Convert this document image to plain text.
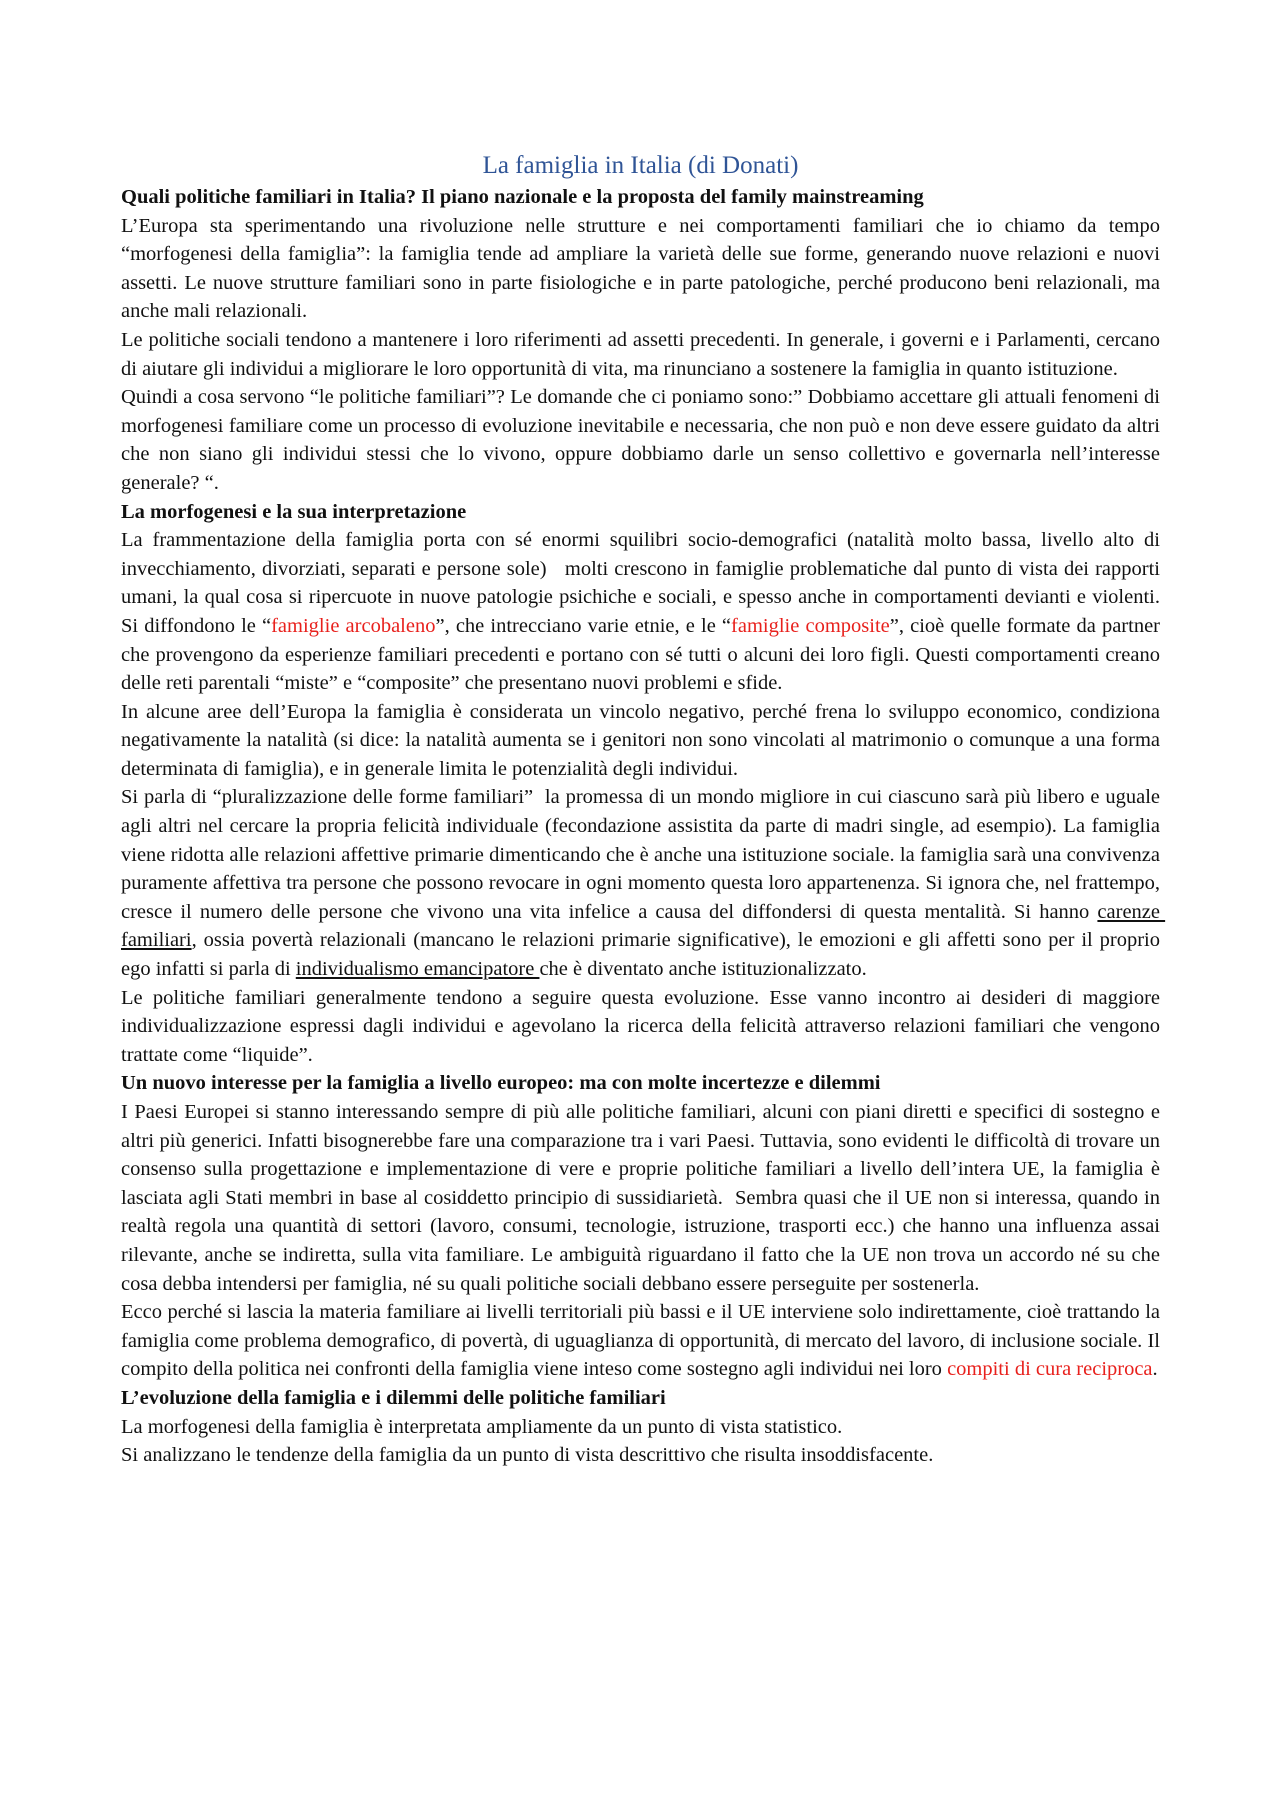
La famiglia in Italia (di Donati)

Quali politiche familiari in Italia? Il piano nazionale e la proposta del family mainstreaming

L’Europa sta sperimentando una rivoluzione nelle strutture e nei comportamenti familiari che io chiamo da tempo “morfogenesi della famiglia”: la famiglia tende ad ampliare la varietà delle sue forme, generando nuove relazioni e nuovi assetti. Le nuove strutture familiari sono in parte fisiologiche e in parte patologiche, perché producono beni relazionali, ma anche mali relazionali.

Le politiche sociali tendono a mantenere i loro riferimenti ad assetti precedenti. In generale, i governi e i Parlamenti, cercano di aiutare gli individui a migliorare le loro opportunità di vita, ma rinunciano a sostenere la famiglia in quanto istituzione.

Quindi a cosa servono “le politiche familiari”? Le domande che ci poniamo sono:” Dobbiamo accettare gli attuali fenomeni di morfogenesi familiare come un processo di evoluzione inevitabile e necessaria, che non può e non deve essere guidato da altri che non siano gli individui stessi che lo vivono, oppure dobbiamo darle un senso collettivo e governarla nell’interesse generale? “.

La morfogenesi e la sua interpretazione

La frammentazione della famiglia porta con sé enormi squilibri socio-demografici (natalità molto bassa, livello alto di invecchiamento, divorziati, separati e persone sole)   molti crescono in famiglie problematiche dal punto di vista dei rapporti umani, la qual cosa si ripercuote in nuove patologie psichiche e sociali, e spesso anche in comportamenti devianti e violenti. Si diffondono le “famiglie arcobaleno”, che intrecciano varie etnie, e le “famiglie composite”, cioè quelle formate da partner che provengono da esperienze familiari precedenti e portano con sé tutti o alcuni dei loro figli. Questi comportamenti creano delle reti parentali “miste” e “composite” che presentano nuovi problemi e sfide.

In alcune aree dell’Europa la famiglia è considerata un vincolo negativo, perché frena lo sviluppo economico, condiziona negativamente la natalità (si dice: la natalità aumenta se i genitori non sono vincolati al matrimonio o comunque a una forma determinata di famiglia), e in generale limita le potenzialità degli individui.

Si parla di “pluralizzazione delle forme familiari”  la promessa di un mondo migliore in cui ciascuno sarà più libero e uguale agli altri nel cercare la propria felicità individuale (fecondazione assistita da parte di madri single, ad esempio). La famiglia viene ridotta alle relazioni affettive primarie dimenticando che è anche una istituzione sociale. la famiglia sarà una convivenza puramente affettiva tra persone che possono revocare in ogni momento questa loro appartenenza. Si ignora che, nel frattempo, cresce il numero delle persone che vivono una vita infelice a causa del diffondersi di questa mentalità. Si hanno carenze familiari, ossia povertà relazionali (mancano le relazioni primarie significative), le emozioni e gli affetti sono per il proprio ego infatti si parla di individualismo emancipatore che è diventato anche istituzionalizzato.

Le politiche familiari generalmente tendono a seguire questa evoluzione. Esse vanno incontro ai desideri di maggiore individualizzazione espressi dagli individui e agevolano la ricerca della felicità attraverso relazioni familiari che vengono trattate come “liquide”.

Un nuovo interesse per la famiglia a livello europeo: ma con molte incertezze e dilemmi

I Paesi Europei si stanno interessando sempre di più alle politiche familiari, alcuni con piani diretti e specifici di sostegno e altri più generici. Infatti bisognerebbe fare una comparazione tra i vari Paesi. Tuttavia, sono evidenti le difficoltà di trovare un consenso sulla progettazione e implementazione di vere e proprie politiche familiari a livello dell’intera UE, la famiglia è lasciata agli Stati membri in base al cosiddetto principio di sussidiarietà.  Sembra quasi che il UE non si interessa, quando in realtà regola una quantità di settori (lavoro, consumi, tecnologie, istruzione, trasporti ecc.) che hanno una influenza assai rilevante, anche se indiretta, sulla vita familiare. Le ambiguità riguardano il fatto che la UE non trova un accordo né su che cosa debba intendersi per famiglia, né su quali politiche sociali debbano essere perseguite per sostenerla.

Ecco perché si lascia la materia familiare ai livelli territoriali più bassi e il UE interviene solo indirettamente, cioè trattando la famiglia come problema demografico, di povertà, di uguaglianza di opportunità, di mercato del lavoro, di inclusione sociale. Il compito della politica nei confronti della famiglia viene inteso come sostegno agli individui nei loro compiti di cura reciproca.

L’evoluzione della famiglia e i dilemmi delle politiche familiari

La morfogenesi della famiglia è interpretata ampliamente da un punto di vista statistico.

Si analizzano le tendenze della famiglia da un punto di vista descrittivo che risulta insoddisfacente.
